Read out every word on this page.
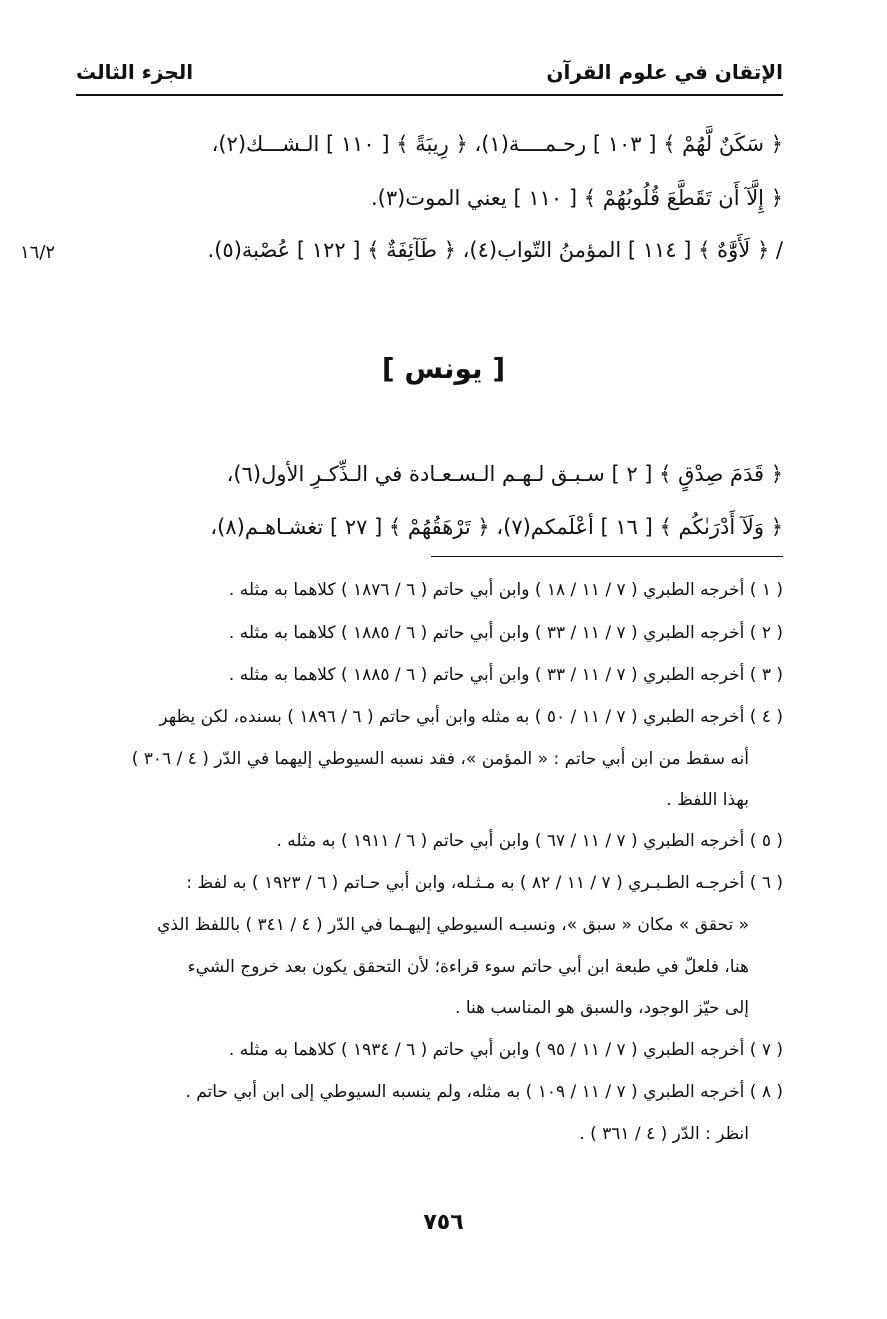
الإتقان في علوم القرآن
الجزء الثالث
﴿ سَكَنٌ لَّهُمْ ﴾ [ ١٠٣ ] رحـمــــة(١)، ﴿ رِيبَةً ﴾ [ ١١٠ ] الـشـــك(٢)،
﴿ إِلَّآ أَن تَقَطَّعَ قُلُوبُهُمْ ﴾ [ ١١٠ ] يعني الموت(٣).
/ ﴿ لَأَوَّٰهٌ ﴾ [ ١١٤ ] المؤمنُ التّواب(٤)، ﴿ طَآئِفَةٌ ﴾ [ ١٢٢ ] عُصْبة(٥).
١٦/٢
[ يونس ]
﴿ قَدَمَ صِدْقٍ ﴾ [ ٢ ] سـبـق لـهـم الـسـعـادة في الـذِّكـرِ الأول(٦)،
﴿ وَلَآ أَدْرَىٰكُم ﴾ [ ١٦ ] أعْلَمكم(٧)، ﴿ تَرْهَقُهُمْ ﴾ [ ٢٧ ] تغشـاهـم(٨)،
( ١ ) أخرجه الطبري ( ٧ / ١١ / ١٨ ) وابن أبي حاتم ( ٦ / ١٨٧٦ ) كلاهما به مثله .
( ٢ ) أخرجه الطبري ( ٧ / ١١ / ٣٣ ) وابن أبي حاتم ( ٦ / ١٨٨٥ ) كلاهما به مثله .
( ٣ ) أخرجه الطبري ( ٧ / ١١ / ٣٣ ) وابن أبي حاتم ( ٦ / ١٨٨٥ ) كلاهما به مثله .
( ٤ ) أخرجه الطبري ( ٧ / ١١ / ٥٠ ) به مثله وابن أبي حاتم ( ٦ / ١٨٩٦ ) بسنده، لكن يظهر
أنه سقط من ابن أبي حاتم : « المؤمن »، فقد نسبه السيوطي إليهما في الدّر ( ٤ / ٣٠٦ )
بهذا اللفظ .
( ٥ ) أخرجه الطبري ( ٧ / ١١ / ٦٧ ) وابن أبي حاتم ( ٦ / ١٩١١ ) به مثله .
( ٦ ) أخرجـه الطـبـري ( ٧ / ١١ / ٨٢ ) به مـثـله، وابن أبي حـاتم ( ٦ / ١٩٢٣ ) به لفظ :
« تحقق » مكان « سبق »، ونسبـه السيوطي إليهـما في الدّر ( ٤ / ٣٤١ ) باللفظ الذي
هنا، فلعلّ في طبعة ابن أبي حاتم سوء قراءة؛ لأن التحقق يكون بعد خروج الشيء
إلى حيّز الوجود، والسبق هو المناسب هنا .
( ٧ ) أخرجه الطبري ( ٧ / ١١ / ٩٥ ) وابن أبي حاتم ( ٦ / ١٩٣٤ ) كلاهما به مثله .
( ٨ ) أخرجه الطبري ( ٧ / ١١ / ١٠٩ ) به مثله، ولم ينسبه السيوطي إلى ابن أبي حاتم .
انظر : الدّر ( ٤ / ٣٦١ ) .
٧٥٦
